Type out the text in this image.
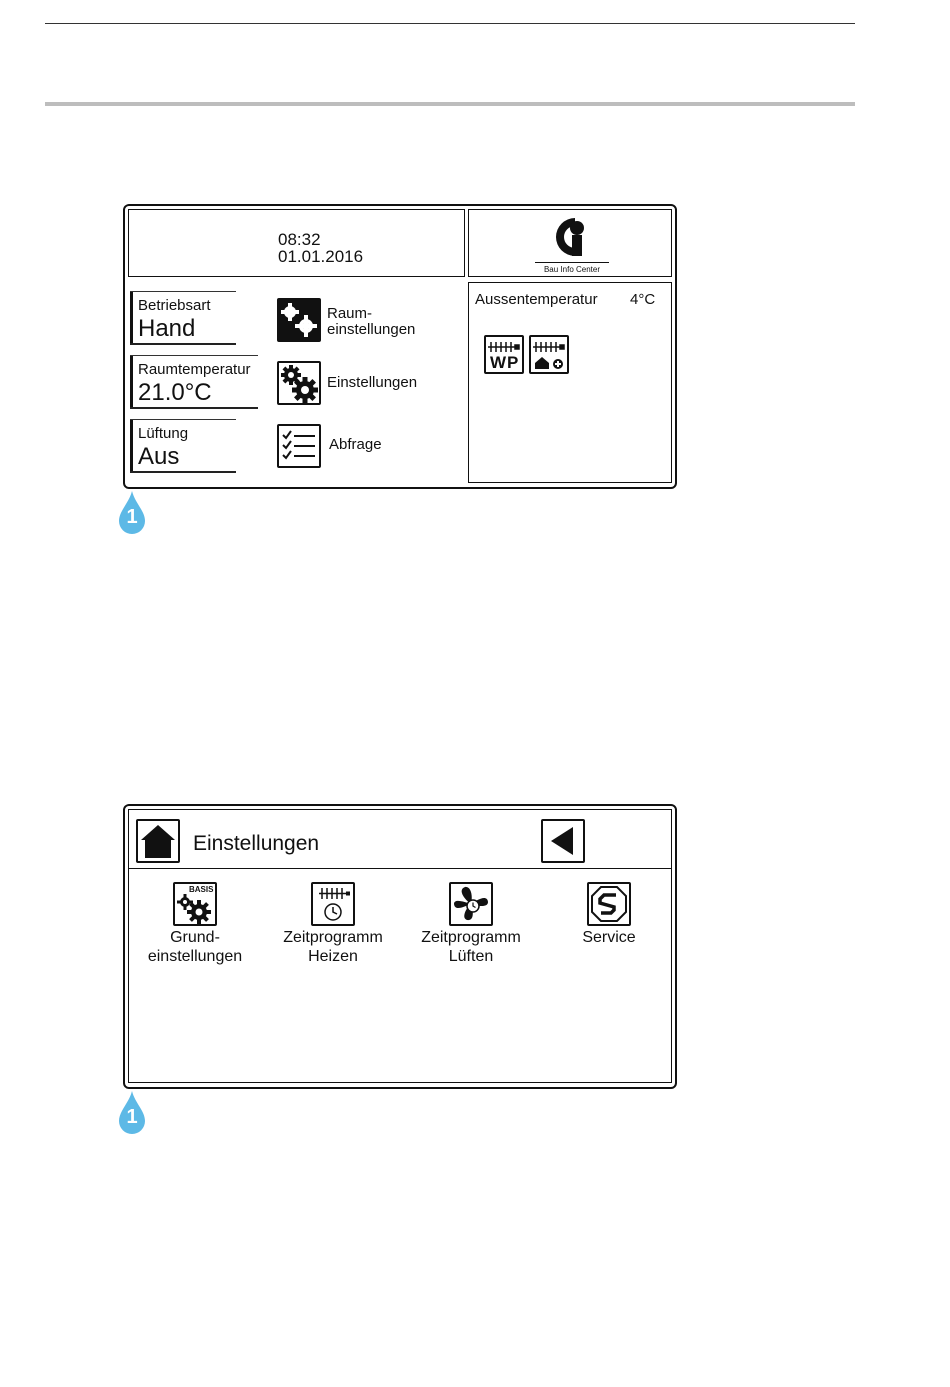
08:32
01.01.2016
Bau Info Center
Betriebsart
Hand
Raumtemperatur
21.0°C
Lüftung
Aus
Raum-
einstellungen
Einstellungen
Abfrage
Aussentemperatur 4°C
WP
1
Einstellungen
BASIS
Grund-
einstellungen
Zeitprogramm
Heizen
Zeitprogramm
Lüften
Service
1
